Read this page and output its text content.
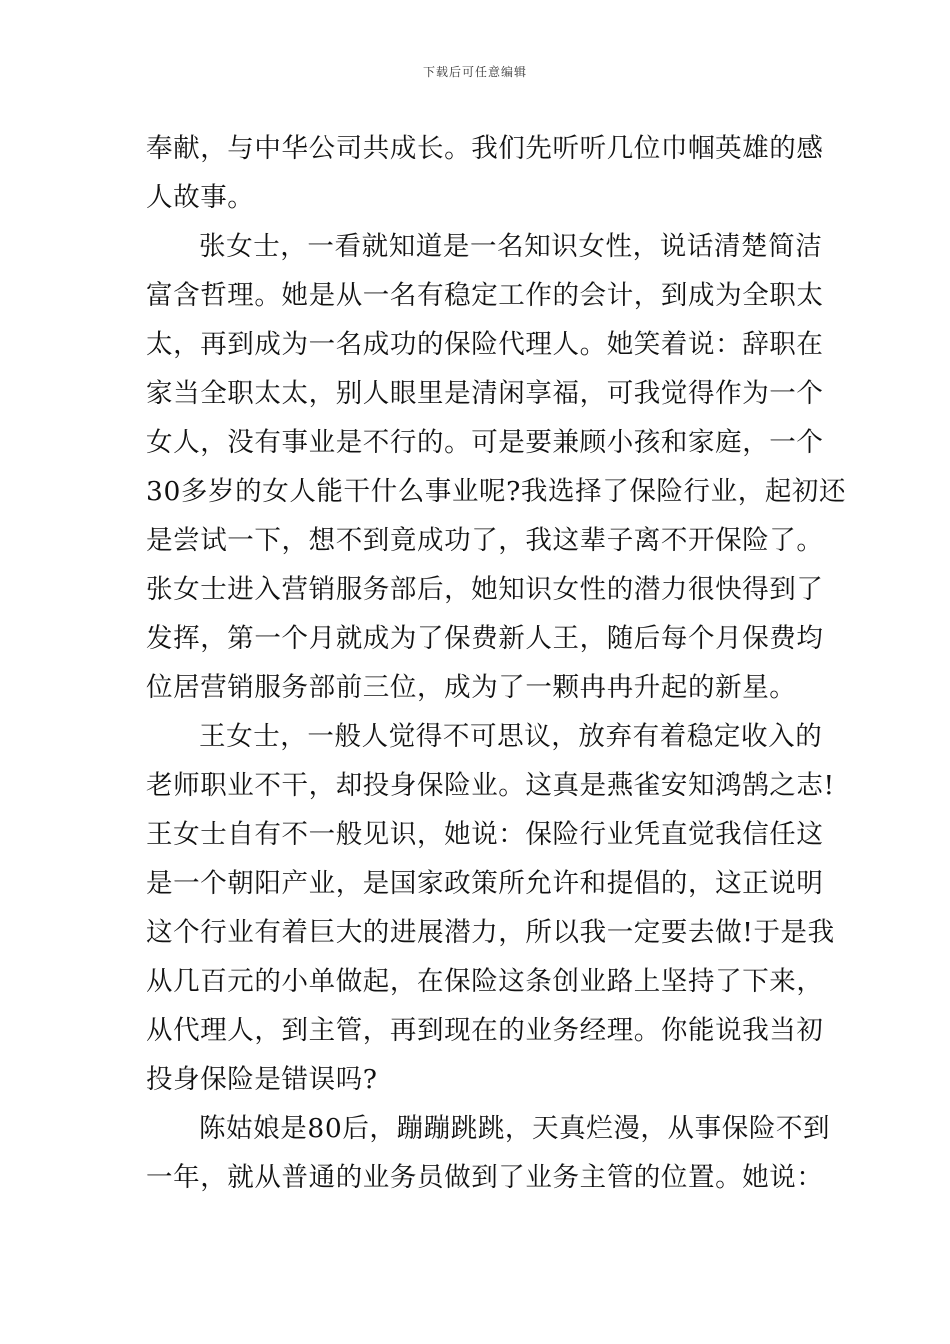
下载后可任意编辑
奉献，与中华公司共成长。我们先听听几位巾帼英雄的感
人故事。
张女士，一看就知道是一名知识女性，说话清楚简洁
富含哲理。她是从一名有稳定工作的会计，到成为全职太
太，再到成为一名成功的保险代理人。她笑着说：辞职在
家当全职太太，别人眼里是清闲享福，可我觉得作为一个
女人，没有事业是不行的。可是要兼顾小孩和家庭，一个
30多岁的女人能干什么事业呢?我选择了保险行业，起初还
是尝试一下，想不到竟成功了，我这辈子离不开保险了。
张女士进入营销服务部后，她知识女性的潜力很快得到了
发挥，第一个月就成为了保费新人王，随后每个月保费均
位居营销服务部前三位，成为了一颗冉冉升起的新星。
王女士，一般人觉得不可思议，放弃有着稳定收入的
老师职业不干，却投身保险业。这真是燕雀安知鸿鹄之志!
王女士自有不一般见识，她说：保险行业凭直觉我信任这
是一个朝阳产业，是国家政策所允许和提倡的，这正说明
这个行业有着巨大的进展潜力，所以我一定要去做!于是我
从几百元的小单做起，在保险这条创业路上坚持了下来，
从代理人，到主管，再到现在的业务经理。你能说我当初
投身保险是错误吗?
陈姑娘是80后，蹦蹦跳跳，天真烂漫，从事保险不到
一年，就从普通的业务员做到了业务主管的位置。她说：
